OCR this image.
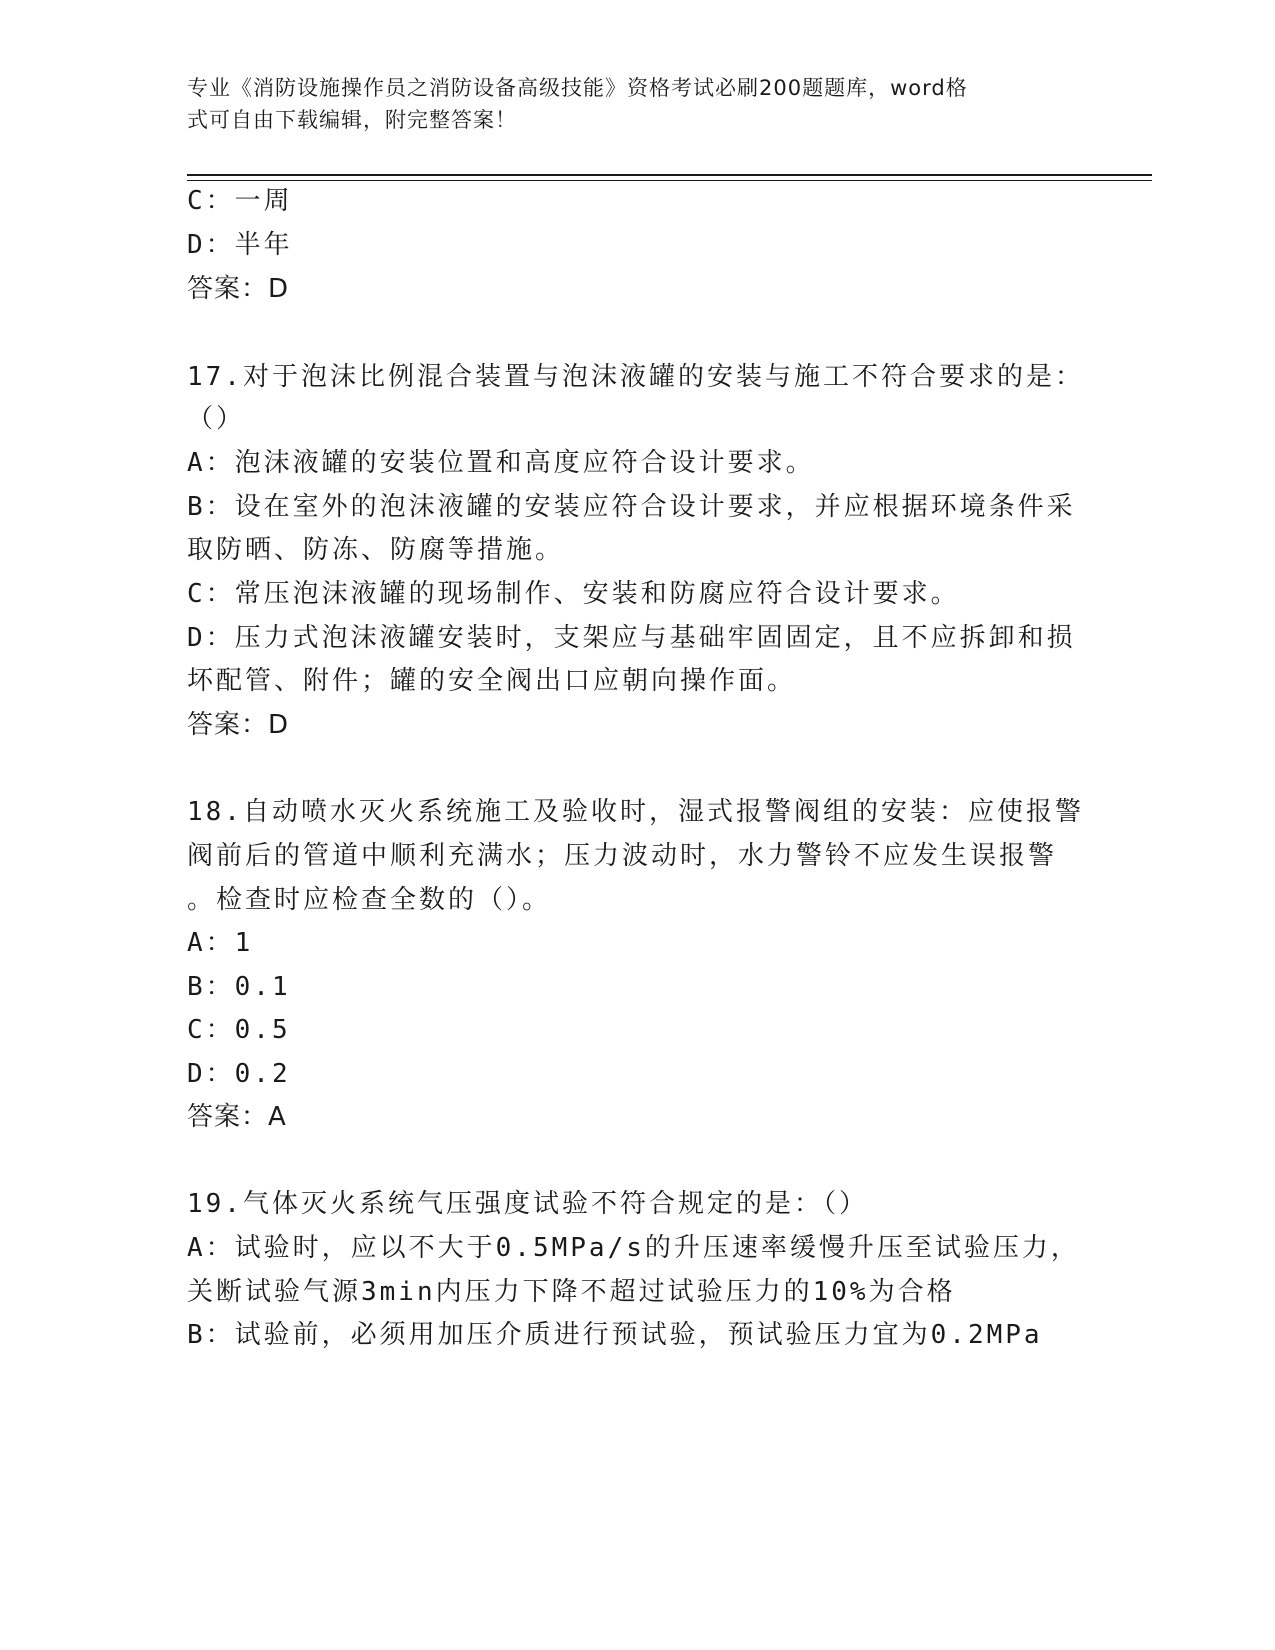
专业《消防设施操作员之消防设备高级技能》资格考试必刷200题题库，word格
式可自由下载编辑，附完整答案！
C：一周
D：半年
答案：D
17.对于泡沫比例混合装置与泡沫液罐的安装与施工不符合要求的是：
（）
A：泡沫液罐的安装位置和高度应符合设计要求。
B：设在室外的泡沫液罐的安装应符合设计要求，并应根据环境条件采
取防晒、防冻、防腐等措施。
C：常压泡沫液罐的现场制作、安装和防腐应符合设计要求。
D：压力式泡沫液罐安装时，支架应与基础牢固固定，且不应拆卸和损
坏配管、附件；罐的安全阀出口应朝向操作面。
答案：D
18.自动喷水灭火系统施工及验收时，湿式报警阀组的安装：应使报警
阀前后的管道中顺利充满水；压力波动时，水力警铃不应发生误报警
。检查时应检查全数的（）。
A：1
B：0.1
C：0.5
D：0.2
答案：A
19.气体灭火系统气压强度试验不符合规定的是：（）
A：试验时，应以不大于0.5MPa/s的升压速率缓慢升压至试验压力，
关断试验气源3min内压力下降不超过试验压力的10%为合格
B：试验前，必须用加压介质进行预试验，预试验压力宜为0.2MPa
